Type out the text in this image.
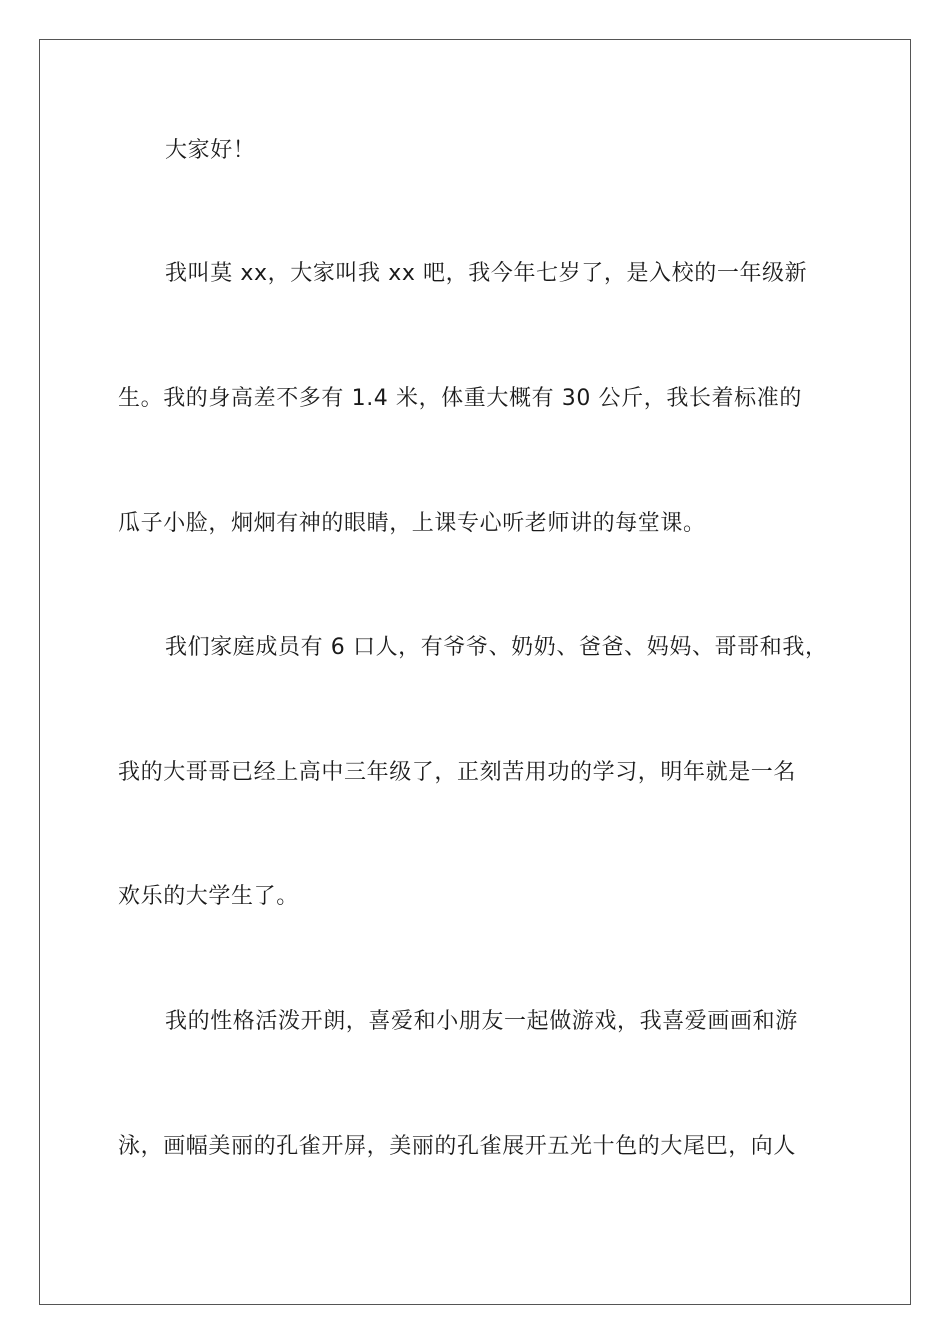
大家好！

我叫莫 xx，大家叫我 xx 吧，我今年七岁了，是入校的一年级新

生。我的身高差不多有 1.4 米，体重大概有 30 公斤，我长着标准的

瓜子小脸，炯炯有神的眼睛，上课专心听老师讲的每堂课。

我们家庭成员有 6 口人，有爷爷、奶奶、爸爸、妈妈、哥哥和我，

我的大哥哥已经上高中三年级了，正刻苦用功的学习，明年就是一名

欢乐的大学生了。

我的性格活泼开朗，喜爱和小朋友一起做游戏，我喜爱画画和游

泳，画幅美丽的孔雀开屏，美丽的孔雀展开五光十色的大尾巴，向人
